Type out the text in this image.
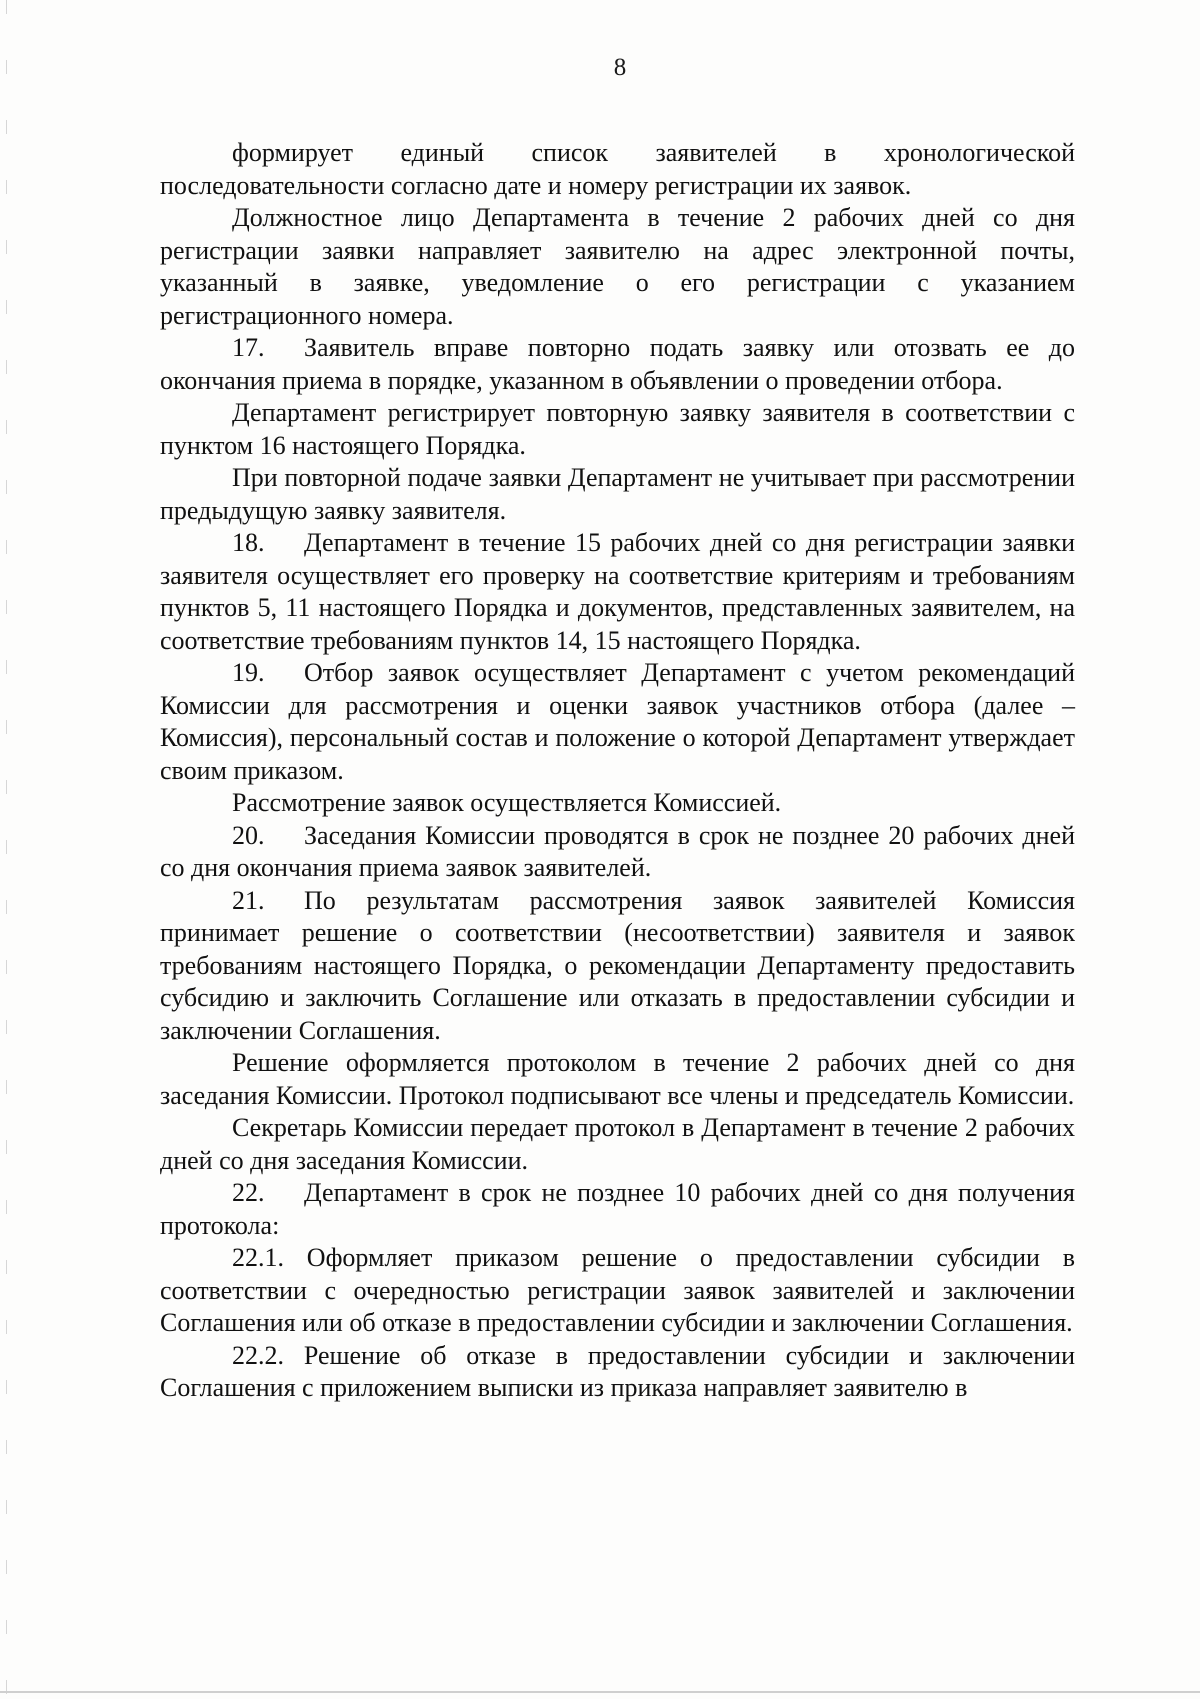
8

формирует единый список заявителей в хронологической последовательности согласно дате и номеру регистрации их заявок.

Должностное лицо Департамента в течение 2 рабочих дней со дня регистрации заявки направляет заявителю на адрес электронной почты, указанный в заявке, уведомление о его регистрации с указанием регистрационного номера.

17. Заявитель вправе повторно подать заявку или отозвать ее до окончания приема в порядке, указанном в объявлении о проведении отбора.

Департамент регистрирует повторную заявку заявителя в соответствии с пунктом 16 настоящего Порядка.

При повторной подаче заявки Департамент не учитывает при рассмотрении предыдущую заявку заявителя.

18. Департамент в течение 15 рабочих дней со дня регистрации заявки заявителя осуществляет его проверку на соответствие критериям и требованиям пунктов 5, 11 настоящего Порядка и документов, представленных заявителем, на соответствие требованиям пунктов 14, 15 настоящего Порядка.

19. Отбор заявок осуществляет Департамент с учетом рекомендаций Комиссии для рассмотрения и оценки заявок участников отбора (далее – Комиссия), персональный состав и положение о которой Департамент утверждает своим приказом.

Рассмотрение заявок осуществляется Комиссией.

20. Заседания Комиссии проводятся в срок не позднее 20 рабочих дней со дня окончания приема заявок заявителей.

21. По результатам рассмотрения заявок заявителей Комиссия принимает решение о соответствии (несоответствии) заявителя и заявок требованиям настоящего Порядка, о рекомендации Департаменту предоставить субсидию и заключить Соглашение или отказать в предоставлении субсидии и заключении Соглашения.

Решение оформляется протоколом в течение 2 рабочих дней со дня заседания Комиссии. Протокол подписывают все члены и председатель Комиссии.

Секретарь Комиссии передает протокол в Департамент в течение 2 рабочих дней со дня заседания Комиссии.

22. Департамент в срок не позднее 10 рабочих дней со дня получения протокола:

22.1. Оформляет приказом решение о предоставлении субсидии в соответствии с очередностью регистрации заявок заявителей и заключении Соглашения или об отказе в предоставлении субсидии и заключении Соглашения.

22.2. Решение об отказе в предоставлении субсидии и заключении Соглашения с приложением выписки из приказа направляет заявителю в
